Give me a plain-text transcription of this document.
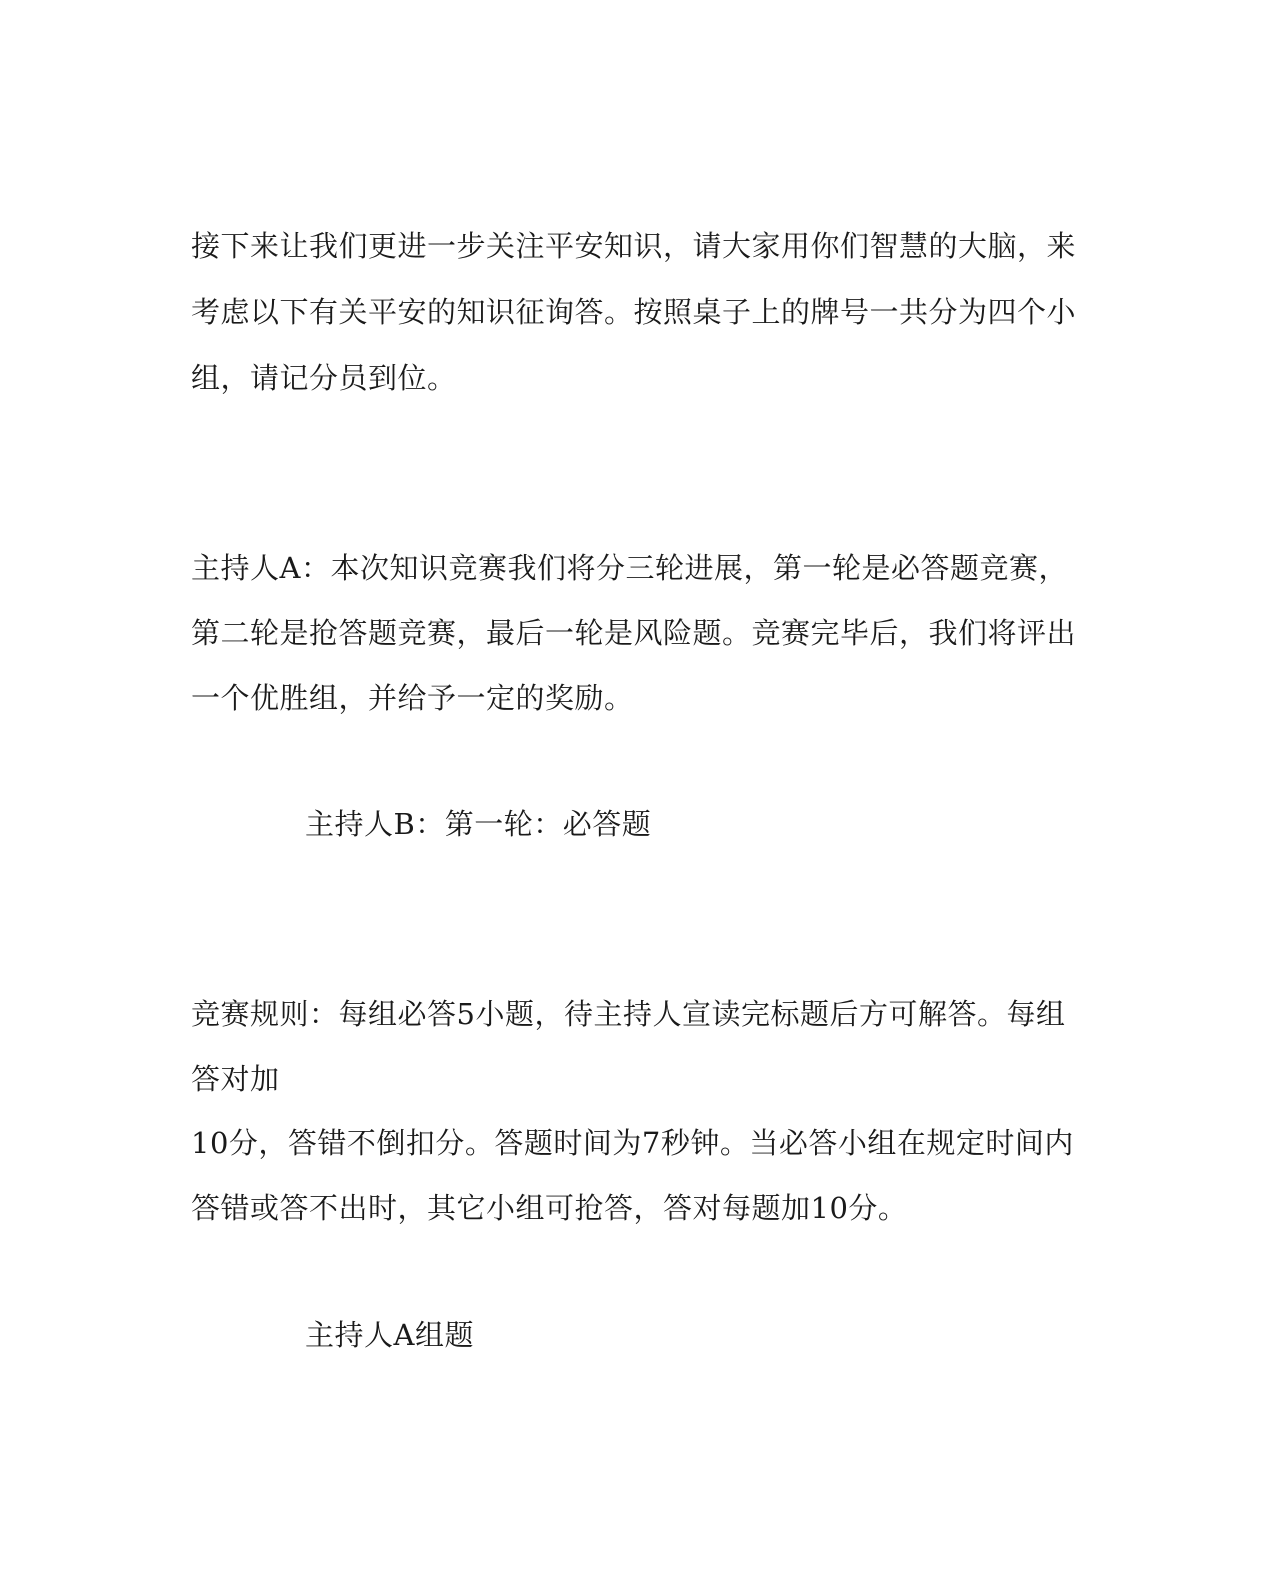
接下来让我们更进一步关注平安知识，请大家用你们智慧的大脑，来
考虑以下有关平安的知识征询答。按照桌子上的牌号一共分为四个小
组，请记分员到位。
主持人A：本次知识竞赛我们将分三轮进展，第一轮是必答题竞赛，
第二轮是抢答题竞赛，最后一轮是风险题。竞赛完毕后，我们将评出
一个优胜组，并给予一定的奖励。
主持人B：第一轮：必答题
竞赛规则：每组必答5小题，待主持人宣读完标题后方可解答。每组
答对加
10分，答错不倒扣分。答题时间为7秒钟。当必答小组在规定时间内
答错或答不出时，其它小组可抢答，答对每题加10分。
主持人A组题
